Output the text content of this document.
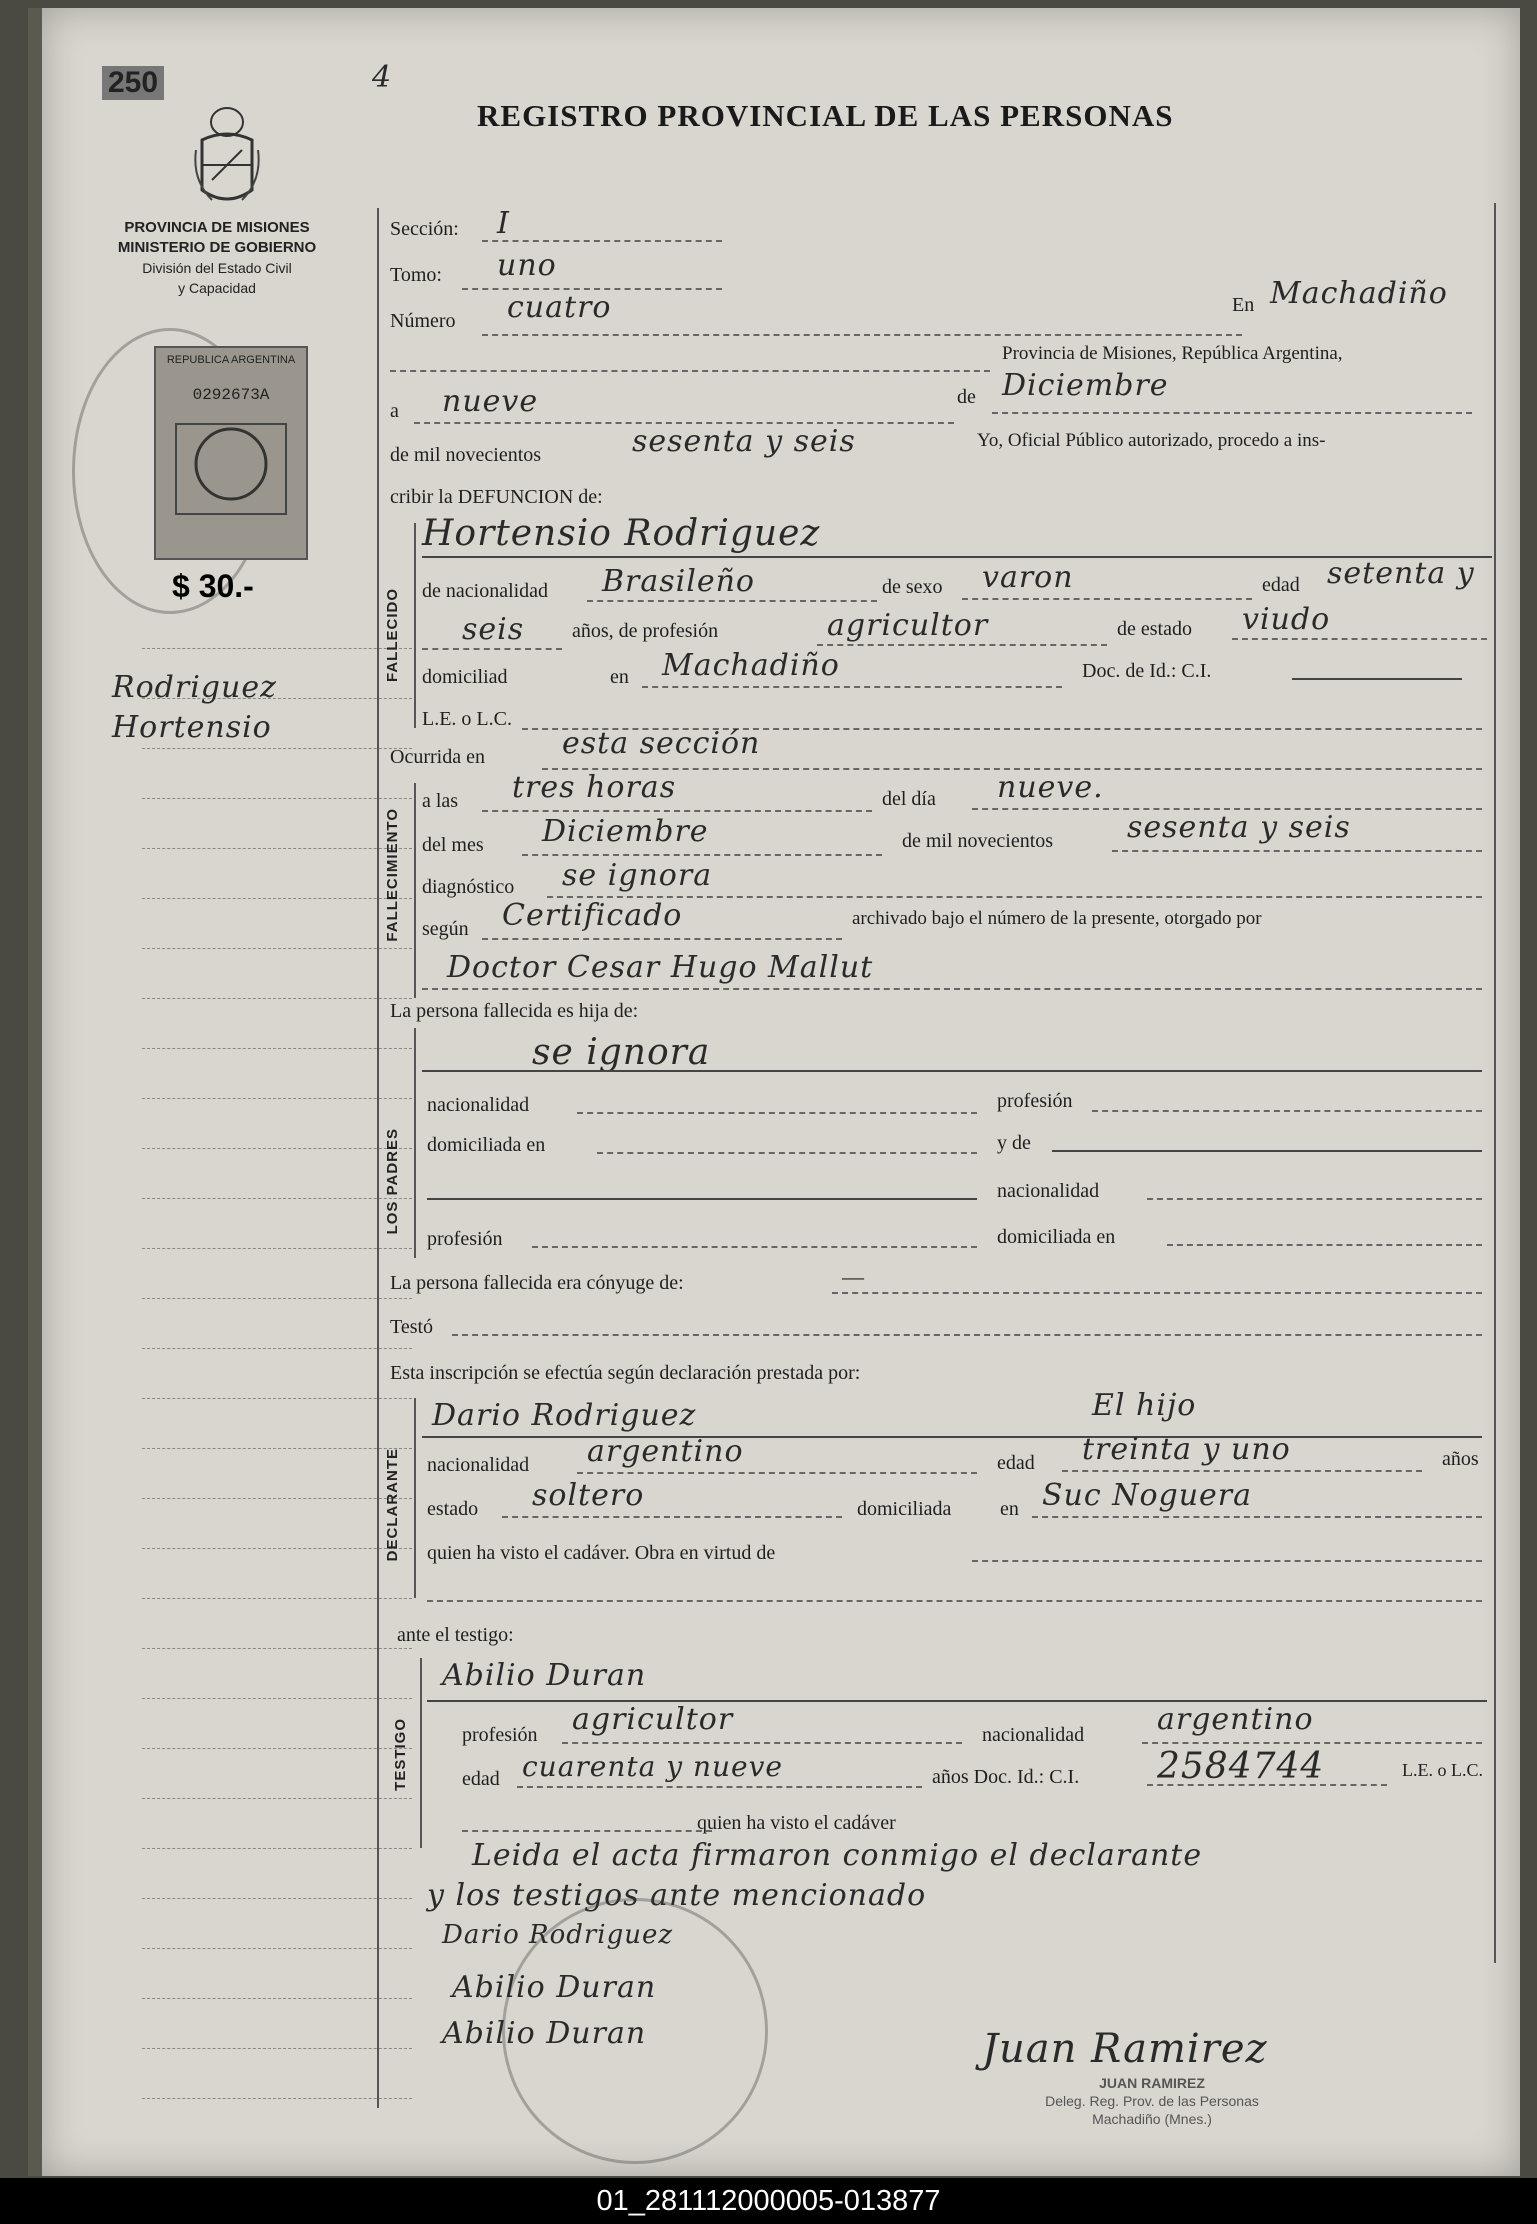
250	4
REGISTRO PROVINCIAL DE LAS PERSONAS
PROVINCIA DE MISIONES
MINISTERIO DE GOBIERNO
División del Estado Civil
y Capacidad
REPUBLICA ARGENTINA
0292673A
$ 30.-
Rodriguez
Hortensio
Sección: I
Tomo: uno
Número cuatro	En Machadiño
Provincia de Misiones, República Argentina,
a nueve	de Diciembre
de mil novecientos	sesenta y seis	Yo, Oficial Público autorizado, procedo a ins-
cribir la DEFUNCION de:
FALLECIDO
Hortensio Rodriguez
de nacionalidad Brasileño	de sexo varon	edad setenta y
seis años, de profesión	agricultor	de estado viudo
domiciliad	en Machadiño	Doc. de Id.: C.I.
L.E. o L.C.
Ocurrida en	esta sección
FALLECIMIENTO
a las tres horas	del día nueve.
del mes Diciembre	de mil novecientos sesenta y seis
diagnóstico se ignora
según Certificado	archivado bajo el número de la presente, otorgado por
Doctor Cesar Hugo Mallut
La persona fallecida es hija de:
LOS PADRES
se ignora
nacionalidad	profesión
domiciliada en	y de
nacionalidad
profesión	domiciliada en
La persona fallecida era cónyuge de:	—
Testó
Esta inscripción se efectúa según declaración prestada por:
DECLARANTE
Dario Rodriguez	El hijo
nacionalidad argentino	edad treinta y uno	años
estado soltero	domiciliada en Suc Noguera
quien ha visto el cadáver. Obra en virtud de
ante el testigo:
TESTIGO
Abilio Duran
profesión agricultor	nacionalidad argentino
edad cuarenta y nueve	años Doc. Id.: C.I. 2584744	L.E. o L.C.
quien ha visto el cadáver
Leida el acta firmaron conmigo el declarante
y los testigos ante mencionado
Dario Rodriguez
Abilio Duran
Abilio Duran	Juan Ramirez
JUAN RAMIREZ
Deleg. Reg. Prov. de las Personas
Machadiño (Mnes.)
01_281112000005-013877
